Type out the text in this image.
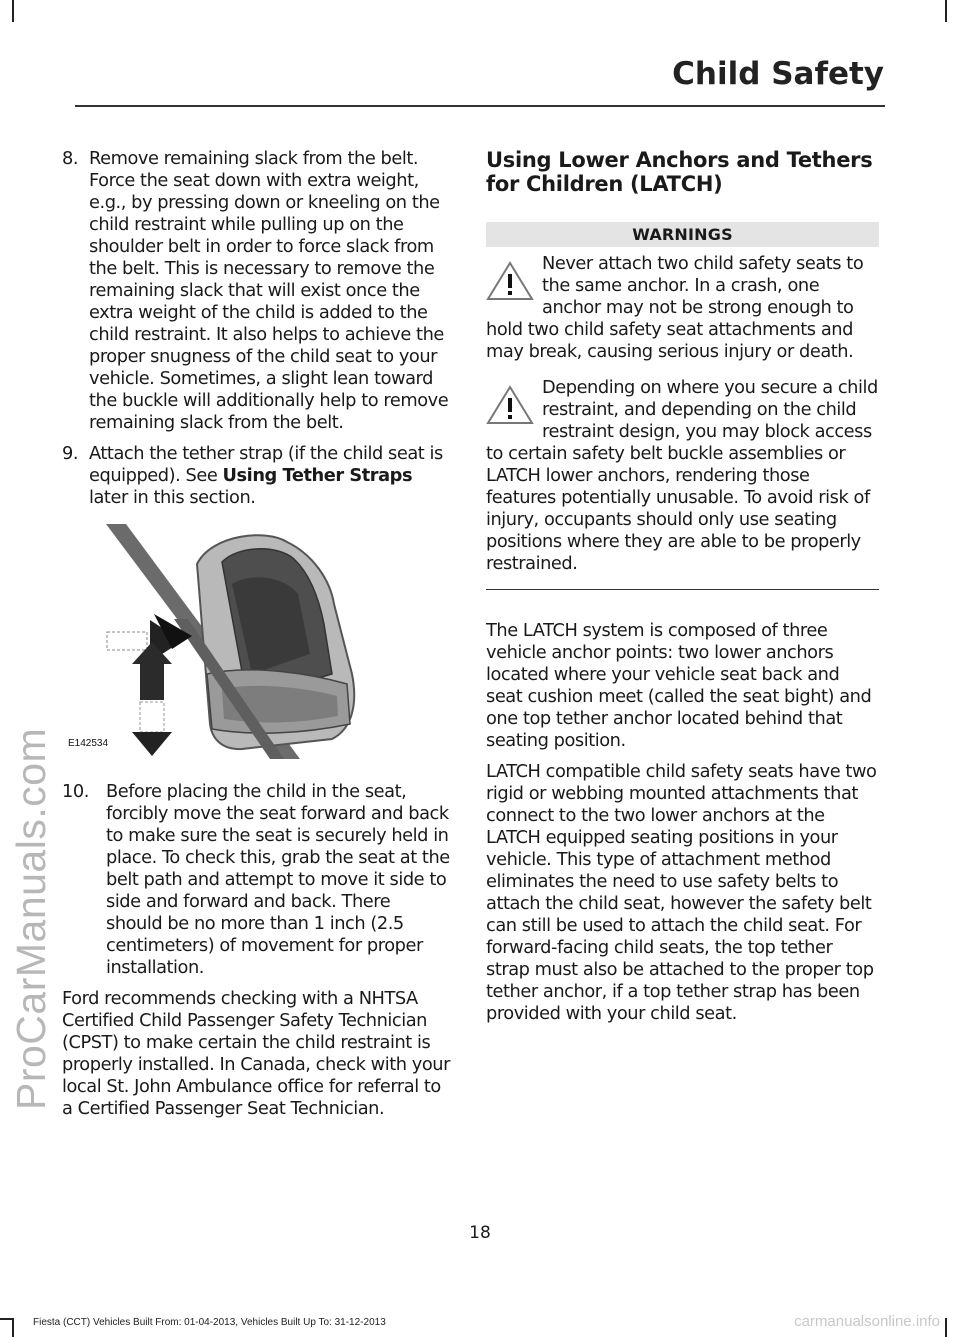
ProCarManuals.com
Child Safety
8. Remove remaining slack from the belt. Force the seat down with extra weight, e.g., by pressing down or kneeling on the child restraint while pulling up on the shoulder belt in order to force slack from the belt. This is necessary to remove the remaining slack that will exist once the extra weight of the child is added to the child restraint. It also helps to achieve the proper snugness of the child seat to your vehicle. Sometimes, a slight lean toward the buckle will additionally help to remove remaining slack from the belt.
9. Attach the tether strap (if the child seat is equipped). See Using Tether Straps later in this section.
E142534
10. Before placing the child in the seat, forcibly move the seat forward and back to make sure the seat is securely held in place. To check this, grab the seat at the belt path and attempt to move it side to side and forward and back. There should be no more than 1 inch (2.5 centimeters) of movement for proper installation.

Ford recommends checking with a NHTSA Certified Child Passenger Safety Technician (CPST) to make certain the child restraint is properly installed. In Canada, check with your local St. John Ambulance office for referral to a Certified Passenger Seat Technician.

Using Lower Anchors and Tethers for Children (LATCH)
WARNINGS
Never attach two child safety seats to the same anchor. In a crash, one anchor may not be strong enough to hold two child safety seat attachments and may break, causing serious injury or death.
Depending on where you secure a child restraint, and depending on the child restraint design, you may block access to certain safety belt buckle assemblies or LATCH lower anchors, rendering those features potentially unusable. To avoid risk of injury, occupants should only use seating positions where they are able to be properly restrained.

The LATCH system is composed of three vehicle anchor points: two lower anchors located where your vehicle seat back and seat cushion meet (called the seat bight) and one top tether anchor located behind that seating position.

LATCH compatible child safety seats have two rigid or webbing mounted attachments that connect to the two lower anchors at the LATCH equipped seating positions in your vehicle. This type of attachment method eliminates the need to use safety belts to attach the child seat, however the safety belt can still be used to attach the child seat. For forward-facing child seats, the top tether strap must also be attached to the proper top tether anchor, if a top tether strap has been provided with your child seat.

18
Fiesta (CCT) Vehicles Built From: 01-04-2013, Vehicles Built Up To: 31-12-2013	carmanualsonline.info
